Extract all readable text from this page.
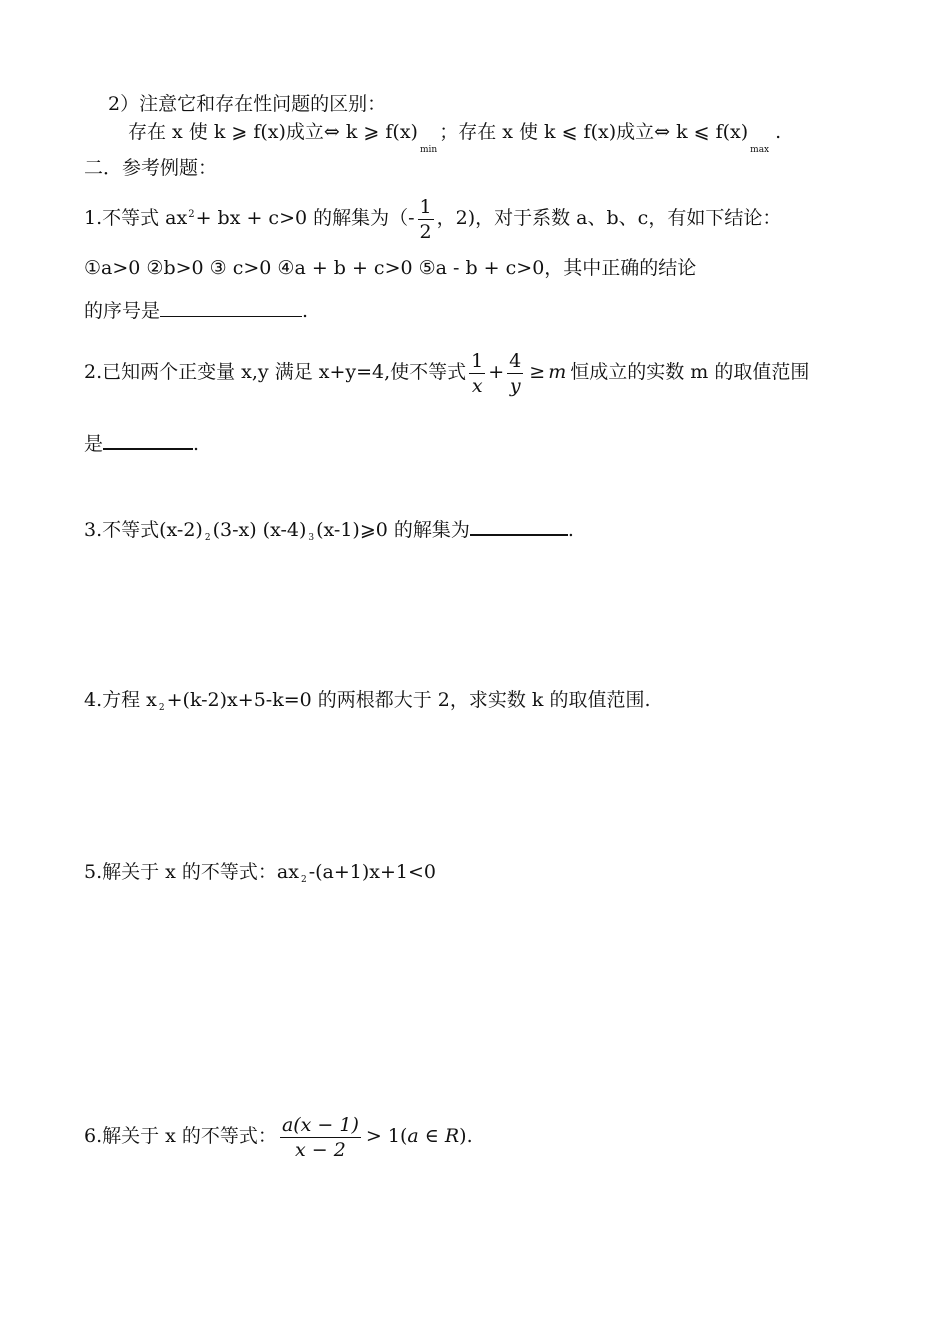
2）注意它和存在性问题的区别：
存在 x 使 k ⩾ f(x)成立⇔ k ⩾ $f(x)_{min}$；存在 x 使 k ⩽ f(x)成立⇔ k ⩽ $f(x)_{max}$.
二．参考例题：
1.不等式 $ax^2+$ bx + c>0 的解集为（- $\frac{1}{2}$ ，2)，对于系数 a、b、c，有如下结论：
①a>0 ②b>0 ③ c>0 ④a + b + c>0 ⑤a - b + c>0，其中正确的结论
的序号是	.
2.已知两个正变量 x,y 满足 x+y=4,使不等式 $\frac{1}{x} + \frac{4}{y} \ge m$ 恒成立的实数 m 的取值范围
是	.
3.不等式(x-2) $_2$ (3-x) (x-4) $_3$ (x-1)⩾0 的解集为	.
4.方程 x $_2$ +(k-2)x+5-k=0 的两根都大于 2，求实数 k 的取值范围.
5.解关于 x 的不等式：ax $_2$ -(a+1)x+1<0
6.解关于 x 的不等式： $\frac{a(x - 1)}{x - 2} > 1(a$ ∈ R).
